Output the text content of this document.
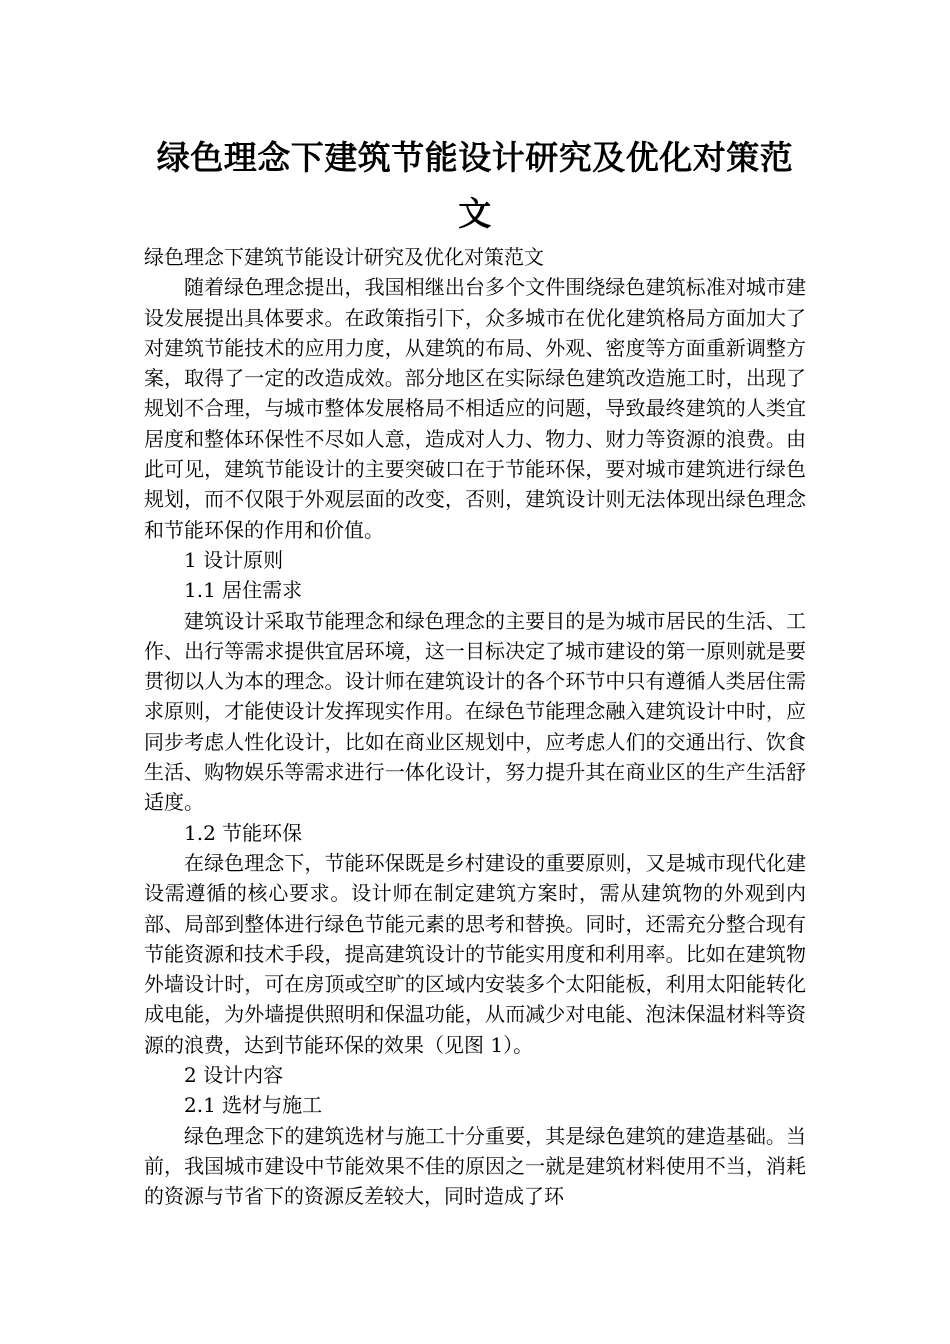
绿色理念下建筑节能设计研究及优化对策范文

绿色理念下建筑节能设计研究及优化对策范文

随着绿色理念提出，我国相继出台多个文件围绕绿色建筑标准对城市建设发展提出具体要求。在政策指引下，众多城市在优化建筑格局方面加大了对建筑节能技术的应用力度，从建筑的布局、外观、密度等方面重新调整方案，取得了一定的改造成效。部分地区在实际绿色建筑改造施工时，出现了规划不合理，与城市整体发展格局不相适应的问题，导致最终建筑的人类宜居度和整体环保性不尽如人意，造成对人力、物力、财力等资源的浪费。由此可见，建筑节能设计的主要突破口在于节能环保，要对城市建筑进行绿色规划，而不仅限于外观层面的改变，否则，建筑设计则无法体现出绿色理念和节能环保的作用和价值。

1 设计原则

1.1 居住需求

建筑设计采取节能理念和绿色理念的主要目的是为城市居民的生活、工作、出行等需求提供宜居环境，这一目标决定了城市建设的第一原则就是要贯彻以人为本的理念。设计师在建筑设计的各个环节中只有遵循人类居住需求原则，才能使设计发挥现实作用。在绿色节能理念融入建筑设计中时，应同步考虑人性化设计，比如在商业区规划中，应考虑人们的交通出行、饮食生活、购物娱乐等需求进行一体化设计，努力提升其在商业区的生产生活舒适度。

1.2 节能环保

在绿色理念下，节能环保既是乡村建设的重要原则，又是城市现代化建设需遵循的核心要求。设计师在制定建筑方案时，需从建筑物的外观到内部、局部到整体进行绿色节能元素的思考和替换。同时，还需充分整合现有节能资源和技术手段，提高建筑设计的节能实用度和利用率。比如在建筑物外墙设计时，可在房顶或空旷的区域内安装多个太阳能板，利用太阳能转化成电能，为外墙提供照明和保温功能，从而减少对电能、泡沫保温材料等资源的浪费，达到节能环保的效果（见图 1）。

2 设计内容

2.1 选材与施工

绿色理念下的建筑选材与施工十分重要，其是绿色建筑的建造基础。当前，我国城市建设中节能效果不佳的原因之一就是建筑材料使用不当，消耗的资源与节省下的资源反差较大，同时造成了环
